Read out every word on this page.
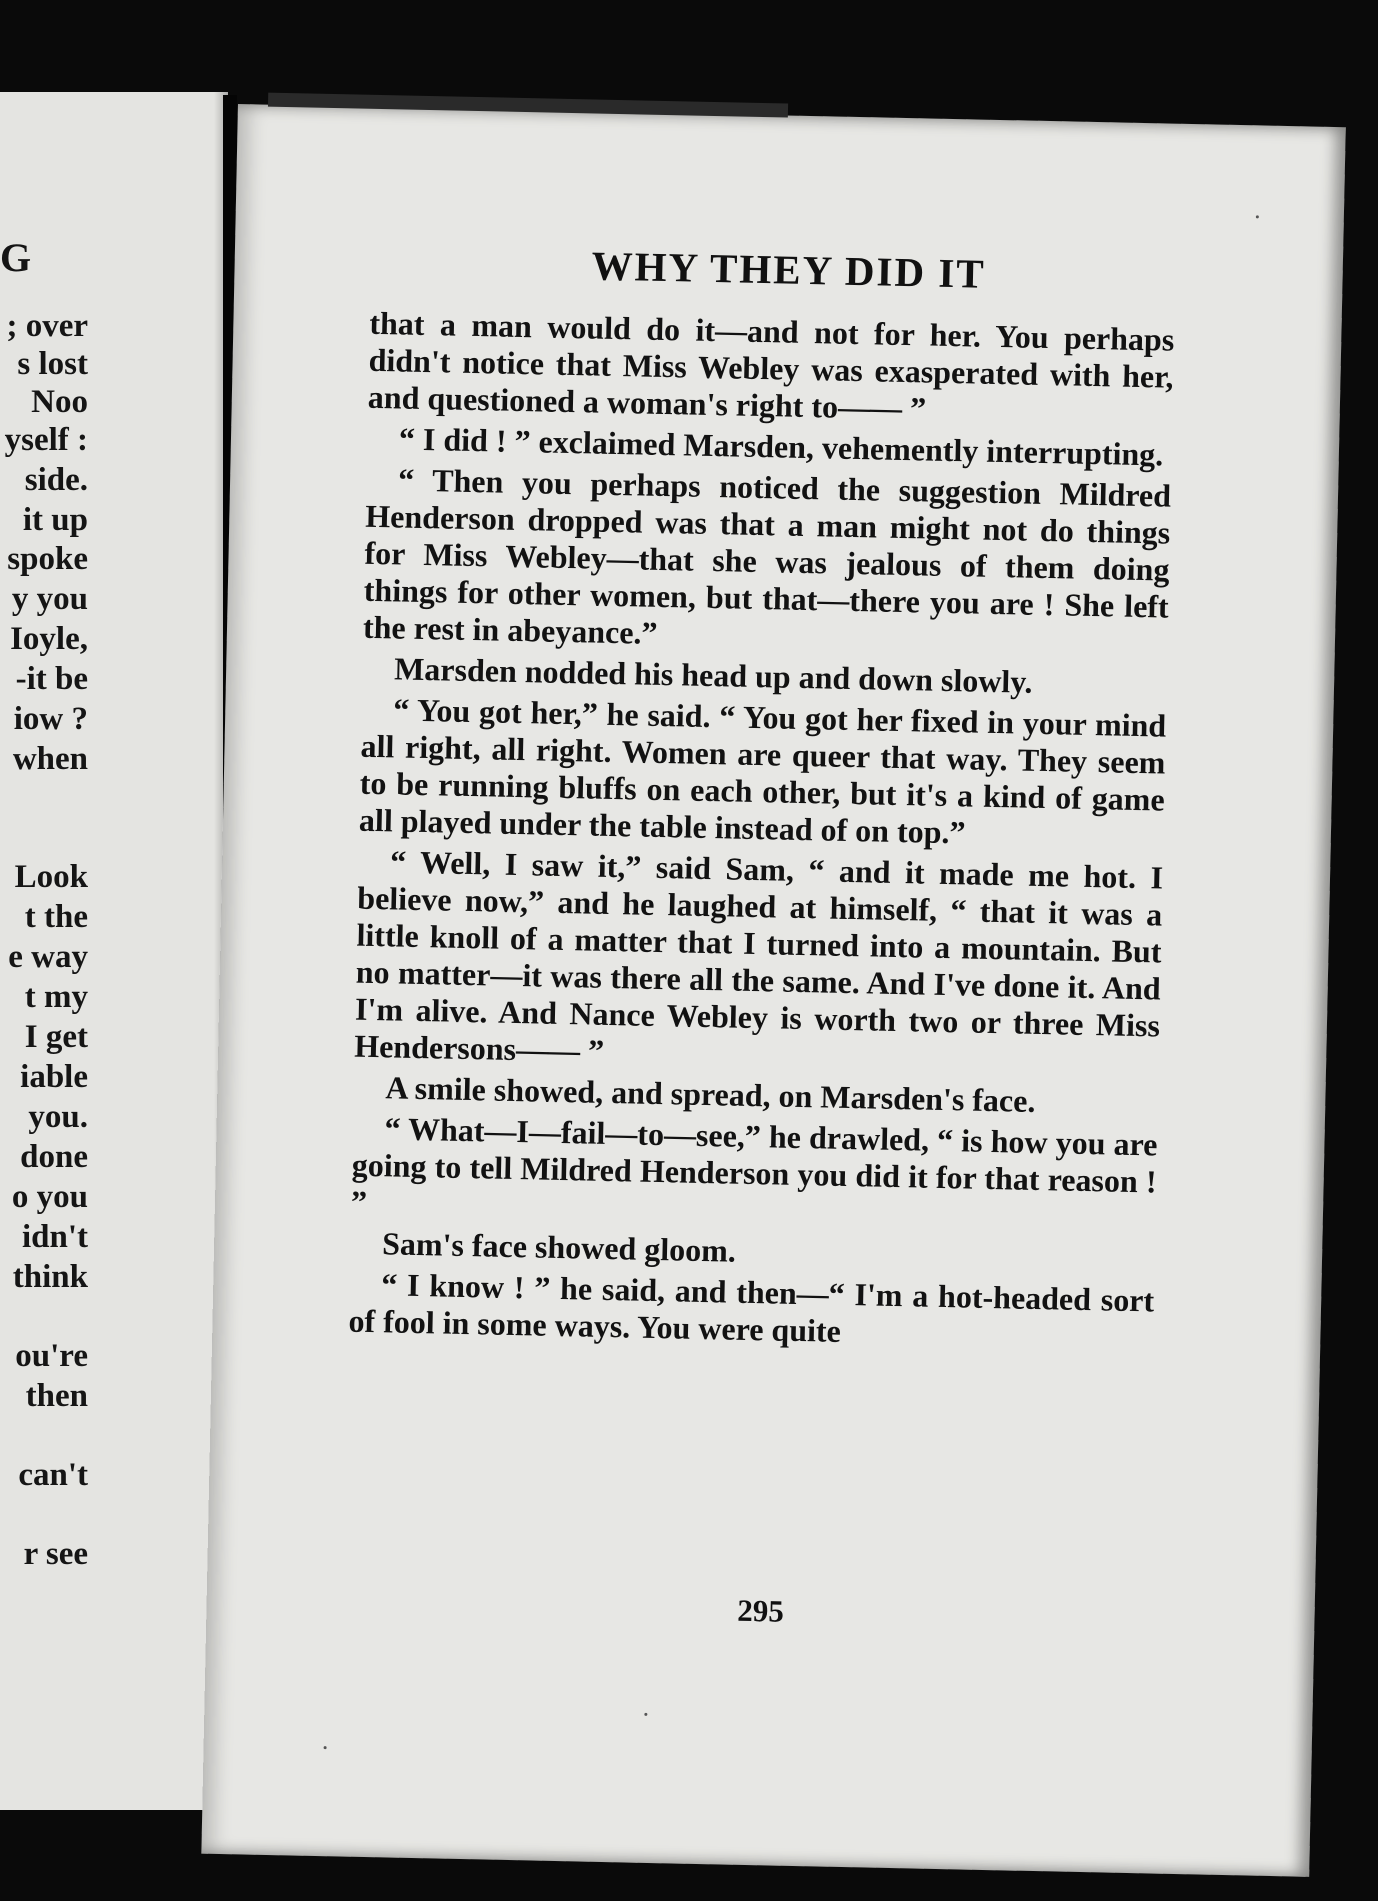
G

; over

s lost

Noo

yself :

side.

it up

spoke

y you

Ioyle,

-it be

iow ?

when

Look

t the

e way

t my

I get

iable

you.

done

o you

idn't

think

ou're

then

can't

r see

WHY THEY DID IT

that a man would do it—and not for her. You perhaps didn't notice that Miss Webley was exasperated with her, and questioned a woman's right to—— ”

“ I did ! ” exclaimed Marsden, vehemently interrupting.

“ Then you perhaps noticed the suggestion Mildred Henderson dropped was that a man might not do things for Miss Webley—that she was jealous of them doing things for other women, but that—there you are ! She left the rest in abeyance.”

Marsden nodded his head up and down slowly.

“ You got her,” he said. “ You got her fixed in your mind all right, all right. Women are queer that way. They seem to be running bluffs on each other, but it's a kind of game all played under the table instead of on top.”

“ Well, I saw it,” said Sam, “ and it made me hot. I believe now,” and he laughed at himself, “ that it was a little knoll of a matter that I turned into a mountain. But no matter—it was there all the same. And I've done it. And I'm alive. And Nance Webley is worth two or three Miss Hendersons—— ”

A smile showed, and spread, on Marsden's face.

“ What—I—fail—to—see,” he drawled, “ is how you are going to tell Mildred Henderson you did it for that reason ! ”

Sam's face showed gloom.

“ I know ! ” he said, and then—“ I'm a hot-headed sort of fool in some ways. You were quite

295
